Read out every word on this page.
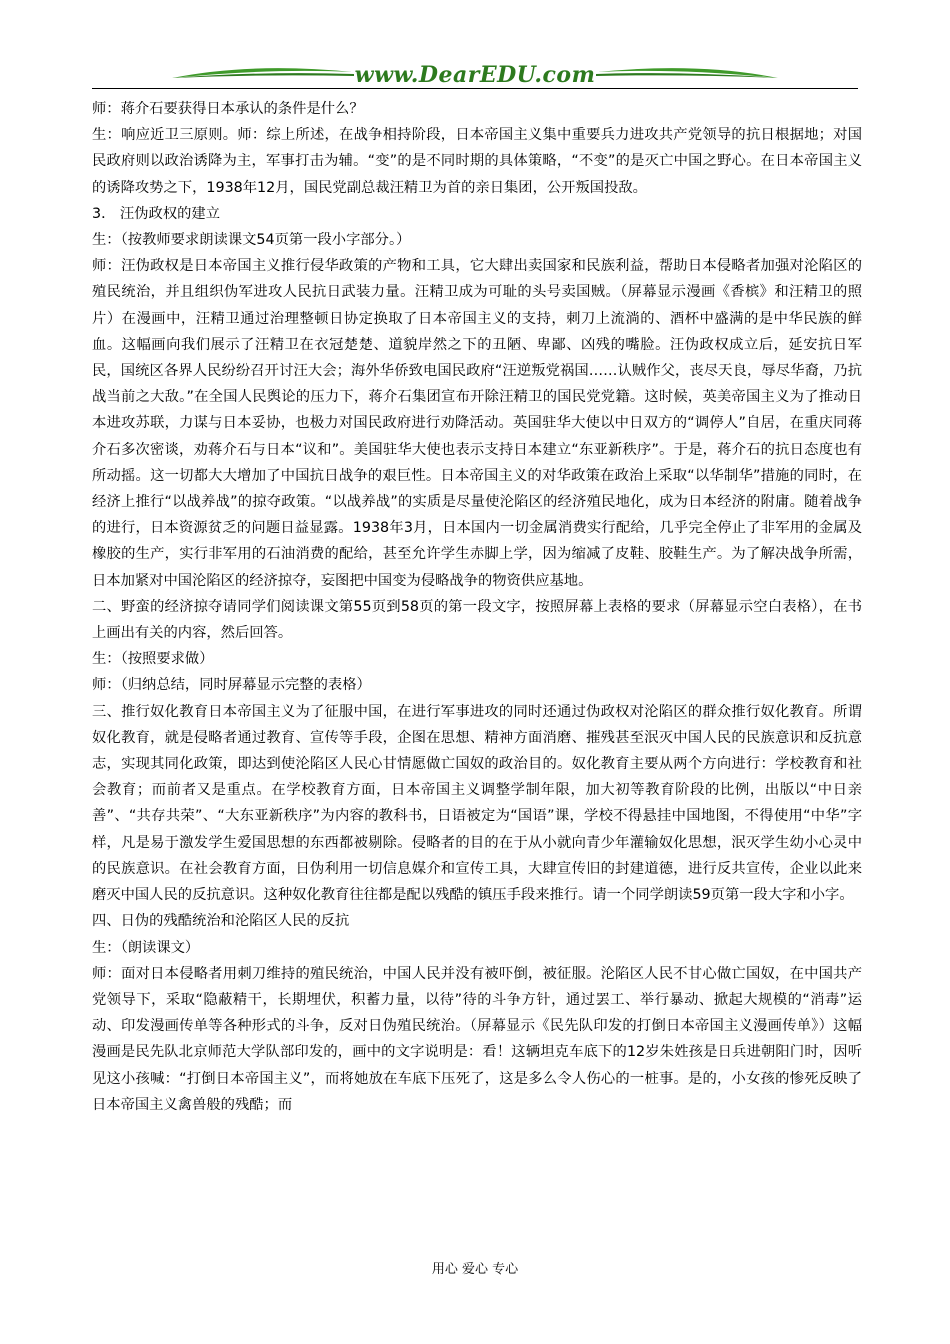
www.DearEDU.com

师：蒋介石要获得日本承认的条件是什么？

生：响应近卫三原则。师：综上所述，在战争相持阶段，日本帝国主义集中重要兵力进攻共产党领导的抗日根据地；对国民政府则以政治诱降为主，军事打击为辅。“变”的是不同时期的具体策略，“不变”的是灭亡中国之野心。在日本帝国主义的诱降攻势之下，1938年12月，国民党副总裁汪精卫为首的亲日集团，公开叛国投敌。

3． 汪伪政权的建立

生：（按教师要求朗读课文54页第一段小字部分。）

师：汪伪政权是日本帝国主义推行侵华政策的产物和工具，它大肆出卖国家和民族利益，帮助日本侵略者加强对沦陷区的殖民统治，并且组织伪军进攻人民抗日武装力量。汪精卫成为可耻的头号卖国贼。（屏幕显示漫画《香槟》和汪精卫的照片）在漫画中，汪精卫通过治理整顿日协定换取了日本帝国主义的支持，刺刀上流淌的、酒杯中盛满的是中华民族的鲜血。这幅画向我们展示了汪精卫在衣冠楚楚、道貌岸然之下的丑陋、卑鄙、凶残的嘴脸。汪伪政权成立后，延安抗日军民，国统区各界人民纷纷召开讨汪大会；海外华侨致电国民政府“汪逆叛党祸国……认贼作父，丧尽天良，辱尽华裔，乃抗战当前之大敌。”在全国人民舆论的压力下，蒋介石集团宣布开除汪精卫的国民党党籍。这时候，英美帝国主义为了推动日本进攻苏联，力谋与日本妥协，也极力对国民政府进行劝降活动。英国驻华大使以中日双方的“调停人”自居，在重庆同蒋介石多次密谈，劝蒋介石与日本“议和”。美国驻华大使也表示支持日本建立“东亚新秩序”。于是，蒋介石的抗日态度也有所动摇。这一切都大大增加了中国抗日战争的艰巨性。日本帝国主义的对华政策在政治上采取“以华制华”措施的同时，在经济上推行“以战养战”的掠夺政策。“以战养战”的实质是尽量使沦陷区的经济殖民地化，成为日本经济的附庸。随着战争的进行，日本资源贫乏的问题日益显露。1938年3月，日本国内一切金属消费实行配给，几乎完全停止了非军用的金属及橡胶的生产，实行非军用的石油消费的配给，甚至允许学生赤脚上学，因为缩减了皮鞋、胶鞋生产。为了解决战争所需，日本加紧对中国沦陷区的经济掠夺，妄图把中国变为侵略战争的物资供应基地。

二、野蛮的经济掠夺请同学们阅读课文第55页到58页的第一段文字，按照屏幕上表格的要求（屏幕显示空白表格），在书上画出有关的内容，然后回答。

生：（按照要求做）

师：（归纳总结，同时屏幕显示完整的表格）

三、推行奴化教育日本帝国主义为了征服中国，在进行军事进攻的同时还通过伪政权对沦陷区的群众推行奴化教育。所谓奴化教育，就是侵略者通过教育、宣传等手段，企图在思想、精神方面消磨、摧残甚至泯灭中国人民的民族意识和反抗意志，实现其同化政策，即达到使沦陷区人民心甘情愿做亡国奴的政治目的。奴化教育主要从两个方向进行：学校教育和社会教育；而前者又是重点。在学校教育方面，日本帝国主义调整学制年限，加大初等教育阶段的比例，出版以“中日亲善”、“共存共荣”、“大东亚新秩序”为内容的教科书，日语被定为“国语”课，学校不得悬挂中国地图，不得使用“中华”字样，凡是易于激发学生爱国思想的东西都被剔除。侵略者的目的在于从小就向青少年灌输奴化思想，泯灭学生幼小心灵中的民族意识。在社会教育方面，日伪利用一切信息媒介和宣传工具，大肆宣传旧的封建道德，进行反共宣传，企业以此来磨灭中国人民的反抗意识。这种奴化教育往往都是配以残酷的镇压手段来推行。请一个同学朗读59页第一段大字和小字。

四、日伪的残酷统治和沦陷区人民的反抗

生：（朗读课文）

师：面对日本侵略者用刺刀维持的殖民统治，中国人民并没有被吓倒，被征服。沦陷区人民不甘心做亡国奴，在中国共产党领导下，采取“隐蔽精干，长期埋伏，积蓄力量，以待”待的斗争方针，通过罢工、举行暴动、掀起大规模的“消毒”运动、印发漫画传单等各种形式的斗争，反对日伪殖民统治。（屏幕显示《民先队印发的打倒日本帝国主义漫画传单》）这幅漫画是民先队北京师范大学队部印发的，画中的文字说明是：看！这辆坦克车底下的12岁朱姓孩是日兵进朝阳门时，因听见这小孩喊：“打倒日本帝国主义”，而将她放在车底下压死了，这是多么令人伤心的一桩事。是的，小女孩的惨死反映了日本帝国主义禽兽般的残酷；而

用心 爱心 专心
